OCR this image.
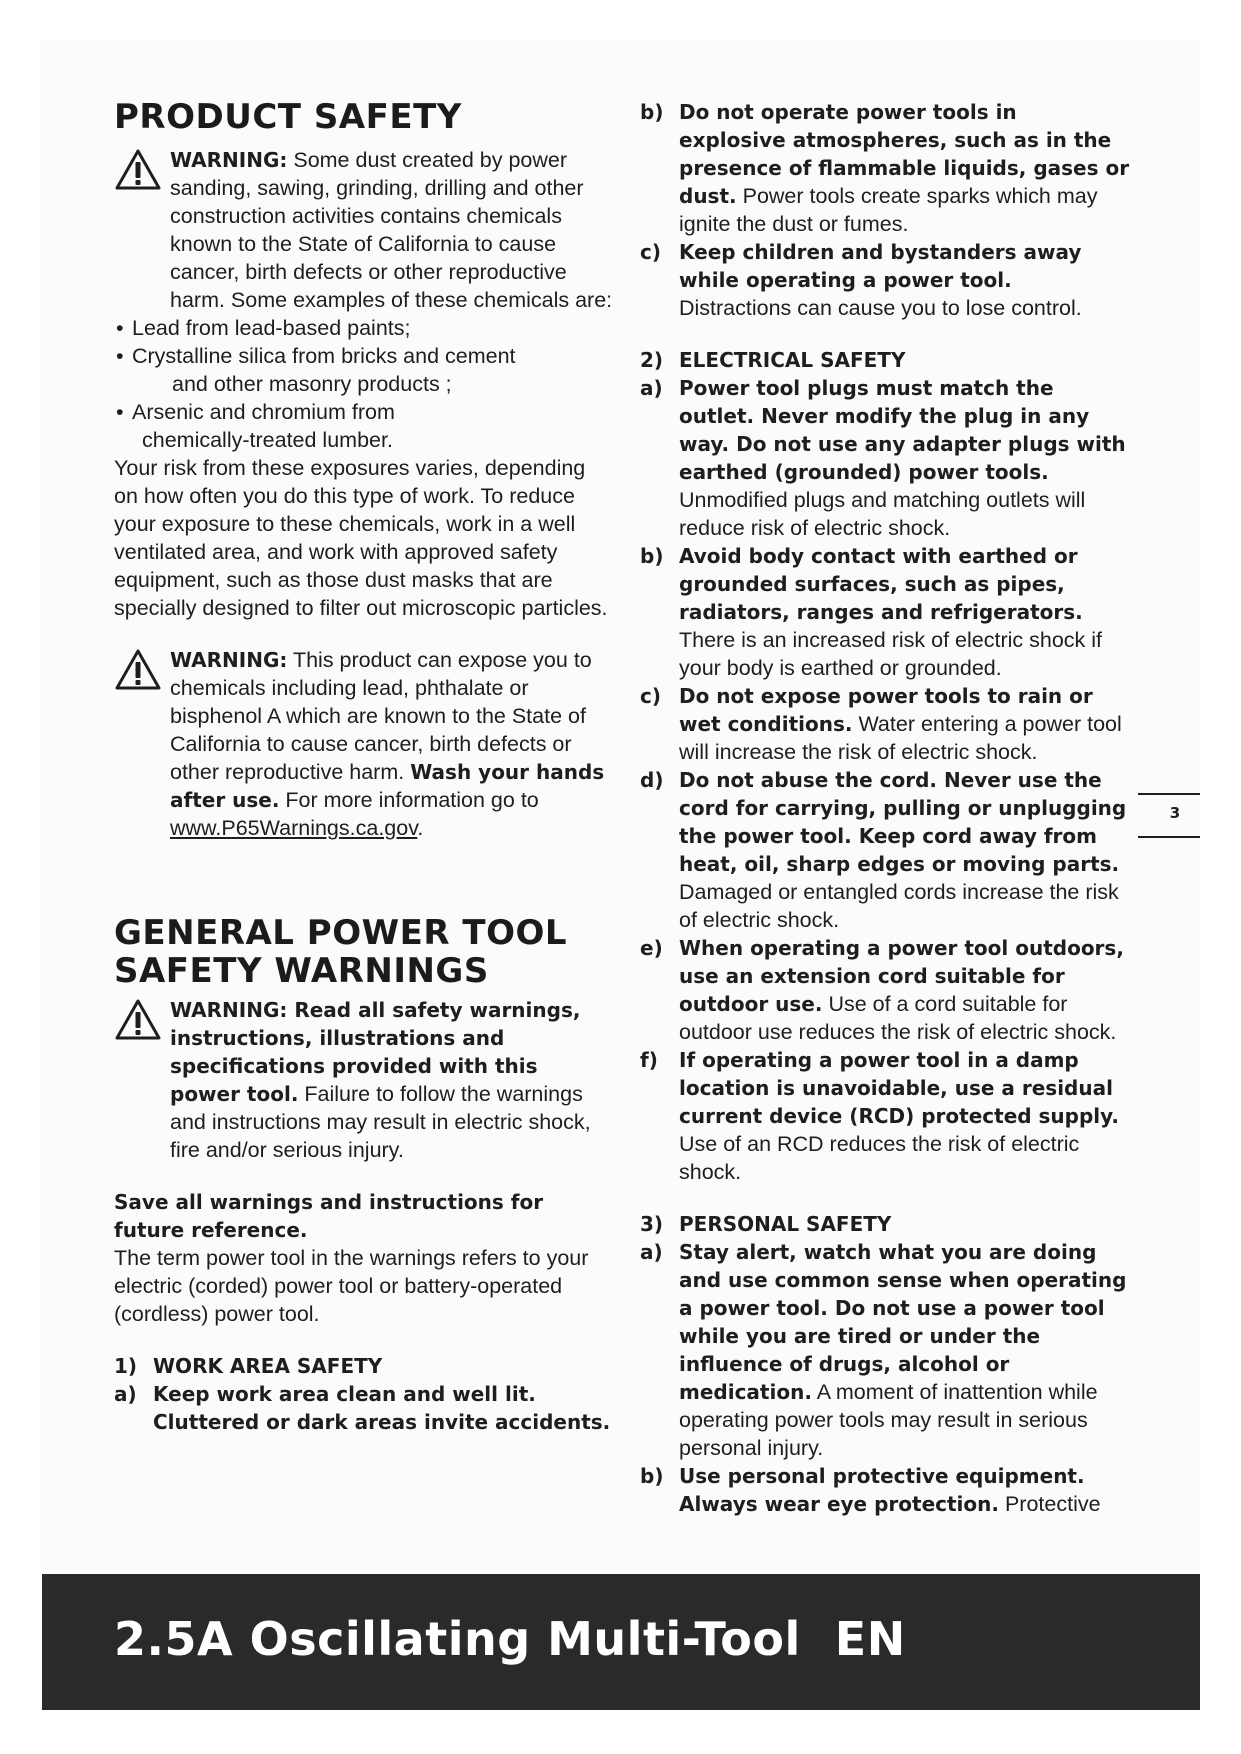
PRODUCT SAFETY

WARNING: Some dust created by power sanding, sawing, grinding, drilling and other construction activities contains chemicals known to the State of California to cause cancer, birth defects or other reproductive harm. Some examples of these chemicals are:

• Lead from lead-based paints;
• Crystalline silica from bricks and cement
and other masonry products ;
• Arsenic and chromium from
chemically-treated lumber.

Your risk from these exposures varies, depending on how often you do this type of work. To reduce your exposure to these chemicals, work in a well ventilated area, and work with approved safety equipment, such as those dust masks that are specially designed to filter out microscopic particles.

WARNING: This product can expose you to chemicals including lead, phthalate or bisphenol A which are known to the State of California to cause cancer, birth defects or other reproductive harm. Wash your hands after use. For more information go to www.P65Warnings.ca.gov.

GENERAL POWER TOOL SAFETY WARNINGS

WARNING: Read all safety warnings, instructions, illustrations and specifications provided with this power tool. Failure to follow the warnings and instructions may result in electric shock, fire and/or serious injury.

Save all warnings and instructions for future reference.

The term power tool in the warnings refers to your electric (corded) power tool or battery-operated (cordless) power tool.

1) WORK AREA SAFETY

a) Keep work area clean and well lit. Cluttered or dark areas invite accidents.
b) Do not operate power tools in explosive atmospheres, such as in the presence of flammable liquids, gases or dust. Power tools create sparks which may ignite the dust or fumes.
c) Keep children and bystanders away while operating a power tool. Distractions can cause you to lose control.

2) ELECTRICAL SAFETY

a) Power tool plugs must match the outlet. Never modify the plug in any way. Do not use any adapter plugs with earthed (grounded) power tools. Unmodified plugs and matching outlets will reduce risk of electric shock.
b) Avoid body contact with earthed or grounded surfaces, such as pipes, radiators, ranges and refrigerators. There is an increased risk of electric shock if your body is earthed or grounded.
c) Do not expose power tools to rain or wet conditions. Water entering a power tool will increase the risk of electric shock.
d) Do not abuse the cord. Never use the cord for carrying, pulling or unplugging the power tool. Keep cord away from heat, oil, sharp edges or moving parts. Damaged or entangled cords increase the risk of electric shock.
e) When operating a power tool outdoors, use an extension cord suitable for outdoor use. Use of a cord suitable for outdoor use reduces the risk of electric shock.
f) If operating a power tool in a damp location is unavoidable, use a residual current device (RCD) protected supply. Use of an RCD reduces the risk of electric shock.

3) PERSONAL SAFETY

a) Stay alert, watch what you are doing and use common sense when operating a power tool. Do not use a power tool while you are tired or under the influence of drugs, alcohol or medication. A moment of inattention while operating power tools may result in serious personal injury.
b) Use personal protective equipment. Always wear eye protection. Protective
3
2.5A Oscillating Multi-Tool EN
